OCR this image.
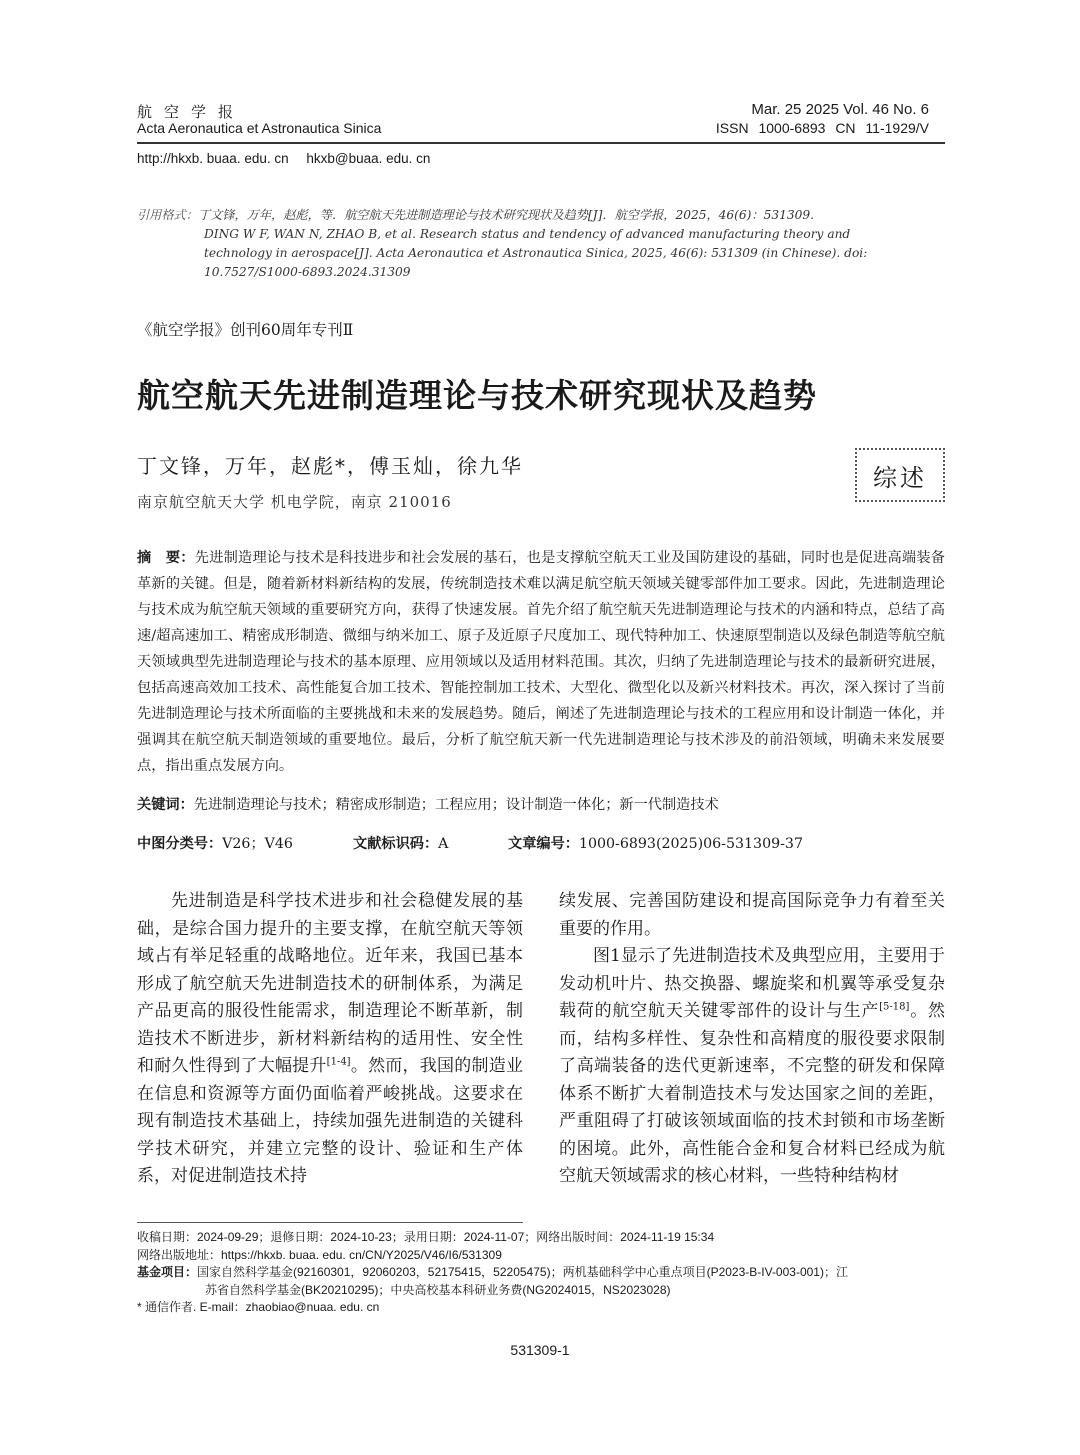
航空学报
Acta Aeronautica et Astronautica Sinica
Mar. 25 2025 Vol. 46 No. 6
ISSN 1000-6893 CN 11-1929/V
http://hkxb. buaa. edu. cn hkxb@buaa. edu. cn
引用格式：丁文锋，万年，赵彪，等．航空航天先进制造理论与技术研究现状及趋势[J]．航空学报，2025，46(6)：531309.
DING W F, WAN N, ZHAO B, et al. Research status and tendency of advanced manufacturing theory and
technology in aerospace[J]. Acta Aeronautica et Astronautica Sinica, 2025, 46(6): 531309 (in Chinese). doi:
10.7527/S1000-6893.2024.31309
《航空学报》创刊60周年专刊Ⅱ
航空航天先进制造理论与技术研究现状及趋势
丁文锋，万年，赵彪*，傅玉灿，徐九华
南京航空航天大学 机电学院，南京 210016
综述
摘　要：先进制造理论与技术是科技进步和社会发展的基石，也是支撑航空航天工业及国防建设的基础，同时也是促进高端装备革新的关键。但是，随着新材料新结构的发展，传统制造技术难以满足航空航天领域关键零部件加工要求。因此，先进制造理论与技术成为航空航天领域的重要研究方向，获得了快速发展。首先介绍了航空航天先进制造理论与技术的内涵和特点，总结了高速/超高速加工、精密成形制造、微细与纳米加工、原子及近原子尺度加工、现代特种加工、快速原型制造以及绿色制造等航空航天领域典型先进制造理论与技术的基本原理、应用领域以及适用材料范围。其次，归纳了先进制造理论与技术的最新研究进展，包括高速高效加工技术、高性能复合加工技术、智能控制加工技术、大型化、微型化以及新兴材料技术。再次，深入探讨了当前先进制造理论与技术所面临的主要挑战和未来的发展趋势。随后，阐述了先进制造理论与技术的工程应用和设计制造一体化，并强调其在航空航天制造领域的重要地位。最后，分析了航空航天新一代先进制造理论与技术涉及的前沿领域，明确未来发展要点，指出重点发展方向。
关键词：先进制造理论与技术；精密成形制造；工程应用；设计制造一体化；新一代制造技术
中图分类号：V26；V46	文献标识码：A	文章编号：1000-6893(2025)06-531309-37

先进制造是科学技术进步和社会稳健发展的基础，是综合国力提升的主要支撑，在航空航天等领域占有举足轻重的战略地位。近年来，我国已基本形成了航空航天先进制造技术的研制体系，为满足产品更高的服役性能需求，制造理论不断革新，制造技术不断进步，新材料新结构的适用性、安全性和耐久性得到了大幅提升[1-4]。然而，我国的制造业在信息和资源等方面仍面临着严峻挑战。这要求在现有制造技术基础上，持续加强先进制造的关键科学技术研究，并建立完整的设计、验证和生产体系，对促进制造技术持

续发展、完善国防建设和提高国际竞争力有着至关重要的作用。

图1显示了先进制造技术及典型应用，主要用于发动机叶片、热交换器、螺旋桨和机翼等承受复杂载荷的航空航天关键零部件的设计与生产[5-18]。然而，结构多样性、复杂性和高精度的服役要求限制了高端装备的迭代更新速率，不完整的研发和保障体系不断扩大着制造技术与发达国家之间的差距，严重阻碍了打破该领域面临的技术封锁和市场垄断的困境。此外，高性能合金和复合材料已经成为航空航天领域需求的核心材料，一些特种结构材

收稿日期：2024-09-29；退修日期：2024-10-23；录用日期：2024-11-07；网络出版时间：2024-11-19 15:34
网络出版地址：https://hkxb. buaa. edu. cn/CN/Y2025/V46/I6/531309
基金项目：国家自然科学基金(92160301，92060203，52175415，52205475)；两机基础科学中心重点项目(P2023-B-IV-003-001)；江
苏省自然科学基金(BK20210295)；中央高校基本科研业务费(NG2024015，NS2023028)
* 通信作者. E-mail：zhaobiao@nuaa. edu. cn
531309-1
